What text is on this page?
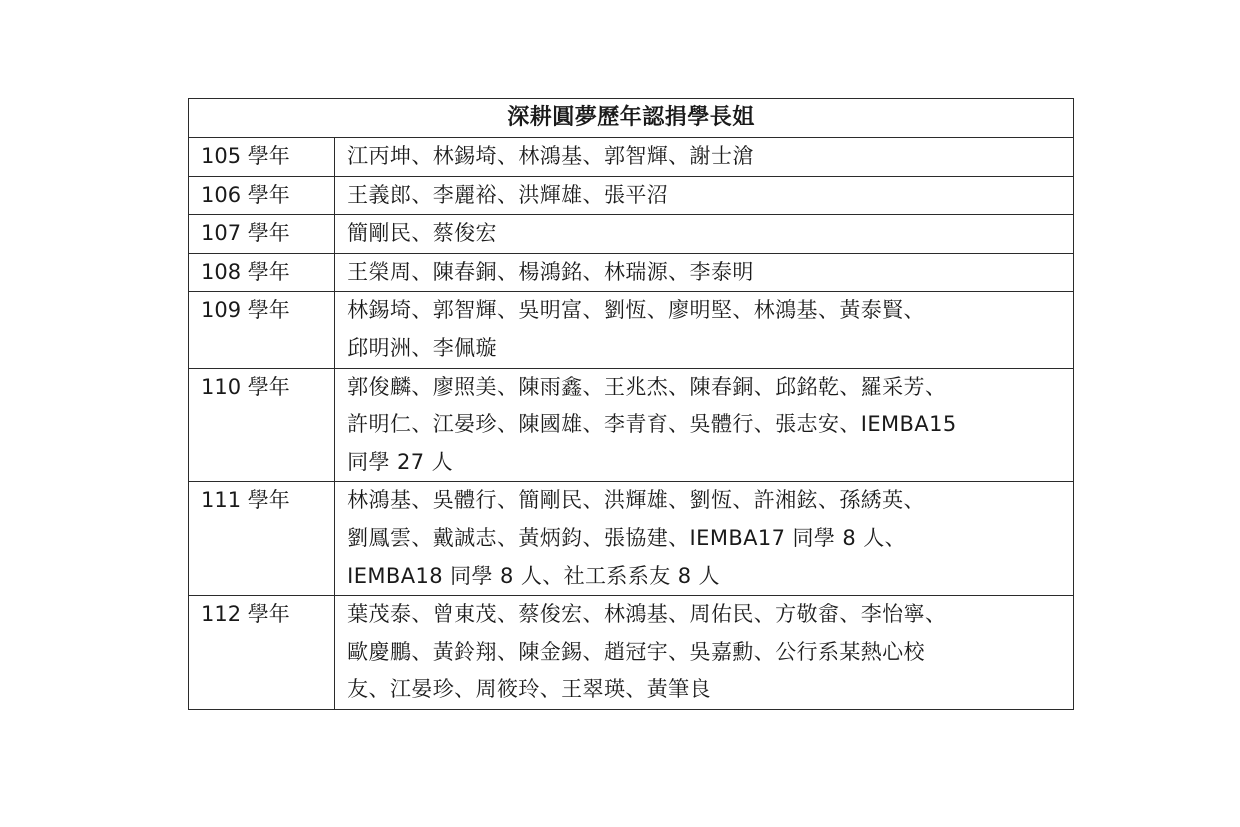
深耕圓夢歷年認捐學長姐	
105 學年	江丙坤、林錫埼、林鴻基、郭智輝、謝士滄

106 學年	王義郎、李麗裕、洪輝雄、張平沼

107 學年	簡剛民、蔡俊宏

108 學年	王榮周、陳春銅、楊鴻銘、林瑞源、李泰明

109 學年	林錫埼、郭智輝、吳明富、劉恆、廖明堅、林鴻基、黃泰賢、
邱明洲、李佩璇

110 學年	郭俊麟、廖照美、陳雨鑫、王兆杰、陳春銅、邱銘乾、羅采芳、
許明仁、江晏珍、陳國雄、李青育、吳體行、張志安、IEMBA15
同學 27 人

111 學年	林鴻基、吳體行、簡剛民、洪輝雄、劉恆、許湘鉉、孫綉英、
劉鳳雲、戴誠志、黃炳鈞、張協建、IEMBA17 同學 8 人、
IEMBA18 同學 8 人、社工系系友 8 人

112 學年	葉茂泰、曾東茂、蔡俊宏、林鴻基、周佑民、方敬畲、李怡寧、
歐慶鵬、黃鈴翔、陳金錫、趙冠宇、吳嘉勳、公行系某熱心校
友、江晏珍、周筱玲、王翠瑛、黃筆良
